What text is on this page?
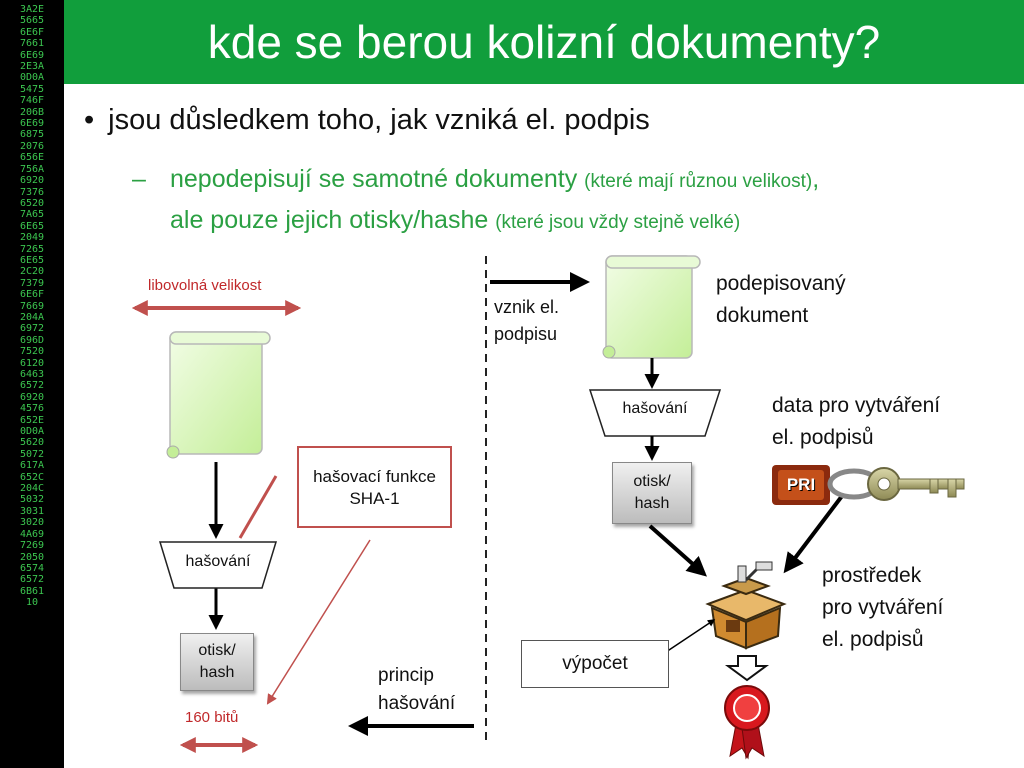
3A2E
5665
6E6F
7661
6E69
2E3A
0D0A
5475
746F
206B
6E69
6875
2076
656E
756A
6920
7376
6520
7A65
6E65
2049
7265
6E65
2C20
7379
6E6F
7669
204A
6972
696D
7520
6120
6463
6572
6920
4576
652E
0D0A
5620
5072
617A
652C
204C
5032
3031
3020
4A69
7269
2050
6574
6572
6B61
10
kde se berou kolizní dokumenty?
• jsou důsledkem toho, jak vzniká el. podpis
– nepodepisují se samotné dokumenty (které mají různou velikost),
ale pouze jejich otisky/hashe (které jsou vždy stejně velké)
libovolná velikost
hašovací funkce
SHA-1
hašování
otisk/
hash
160 bitů
princip
hašování
vznik el.
podpisu
podepisovaný
dokument
hašování
otisk/
hash
data pro vytváření
el. podpisů
PRI
prostředek
pro vytváření
el. podpisů
výpočet
